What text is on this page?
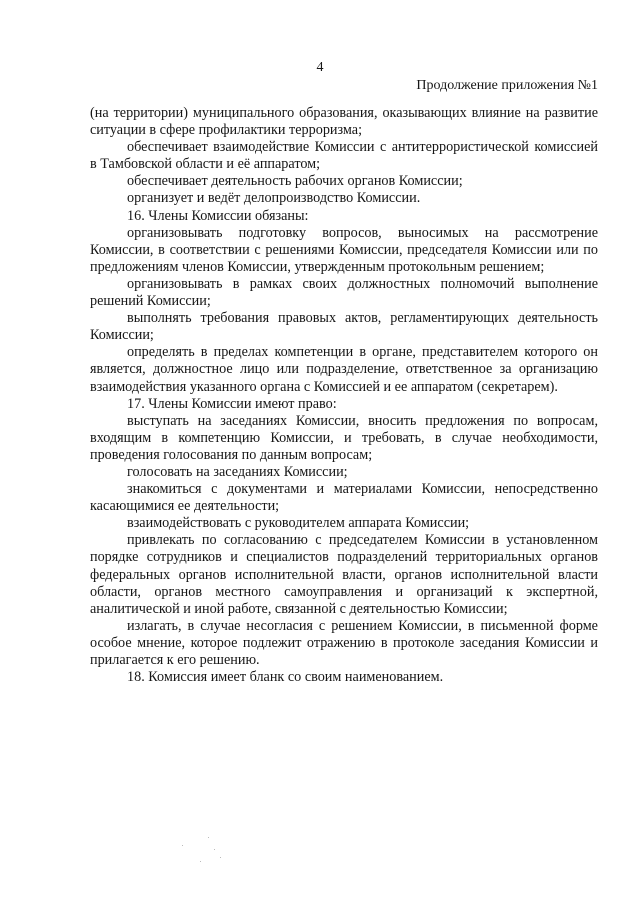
4
Продолжение приложения №1

(на территории) муниципального образования, оказывающих влияние на развитие ситуации в сфере профилактики терроризма;

обеспечивает взаимодействие Комиссии с антитеррористической комиссией в Тамбовской области и её аппаратом;

обеспечивает деятельность рабочих органов Комиссии;

организует и ведёт делопроизводство Комиссии.

16. Члены Комиссии обязаны:

организовывать подготовку вопросов, выносимых на рассмотрение Комиссии, в соответствии с решениями Комиссии, председателя Комиссии или по предложениям членов Комиссии, утвержденным протокольным решением;

организовывать в рамках своих должностных полномочий выполнение решений Комиссии;

выполнять требования правовых актов, регламентирующих деятельность Комиссии;

определять в пределах компетенции в органе, представителем которого он является, должностное лицо или подразделение, ответственное за организацию взаимодействия указанного органа с Комиссией и ее аппаратом (секретарем).

17. Члены Комиссии имеют право:

выступать на заседаниях Комиссии, вносить предложения по вопросам, входящим в компетенцию Комиссии, и требовать, в случае необходимости, проведения голосования по данным вопросам;

голосовать на заседаниях Комиссии;

знакомиться с документами и материалами Комиссии, непосредственно касающимися ее деятельности;

взаимодействовать с руководителем аппарата Комиссии;

привлекать по согласованию с председателем Комиссии в установленном порядке сотрудников и специалистов подразделений территориальных органов федеральных органов исполнительной власти, органов исполнительной власти области, органов местного самоуправления и организаций к экспертной, аналитической и иной работе, связанной с деятельностью Комиссии;

излагать, в случае несогласия с решением Комиссии, в письменной форме особое мнение, которое подлежит отражению в протоколе заседания Комиссии и прилагается к его решению.

18. Комиссия имеет бланк со своим наименованием.
